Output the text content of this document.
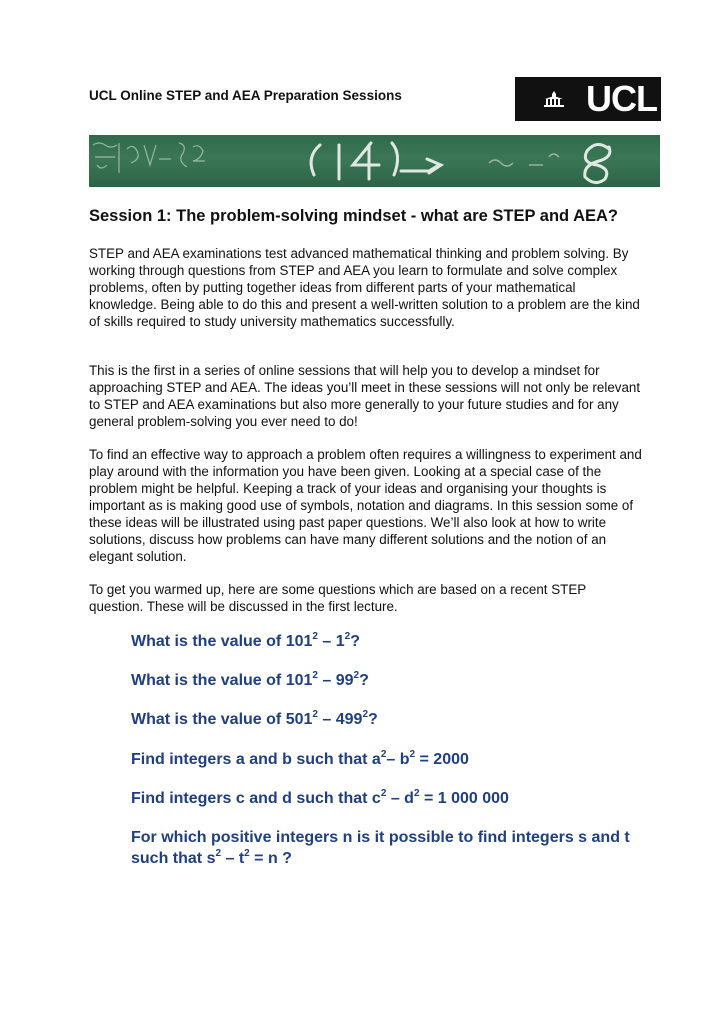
UCL Online STEP and AEA Preparation Sessions	UCL
Session 1: The problem-solving mindset - what are STEP and AEA?

STEP and AEA examinations test advanced mathematical thinking and problem solving. By working through questions from STEP and AEA you learn to formulate and solve complex problems, often by putting together ideas from different parts of your mathematical knowledge. Being able to do this and present a well-written solution to a problem are the kind of skills required to study university mathematics successfully.

This is the first in a series of online sessions that will help you to develop a mindset for approaching STEP and AEA. The ideas you’ll meet in these sessions will not only be relevant to STEP and AEA examinations but also more generally to your future studies and for any general problem-solving you ever need to do!

To find an effective way to approach a problem often requires a willingness to experiment and play around with the information you have been given. Looking at a special case of the problem might be helpful. Keeping a track of your ideas and organising your thoughts is important as is making good use of symbols, notation and diagrams. In this session some of these ideas will be illustrated using past paper questions. We’ll also look at how to write solutions, discuss how problems can have many different solutions and the notion of an elegant solution.

To get you warmed up, here are some questions which are based on a recent STEP question. These will be discussed in the first lecture.

What is the value of $101^2 - 1^2$?
What is the value of $101^2 - 99^2$?
What is the value of $501^2 - 499^2$?
Find integers a and b such that $a^2-$ $b^2 = 2000$
Find integers c and d such that $c^2 - d^2 = 1$ 000 000
For which positive integers n is it possible to find integers s and t such that $s^2 - t^2 = n$ ?
